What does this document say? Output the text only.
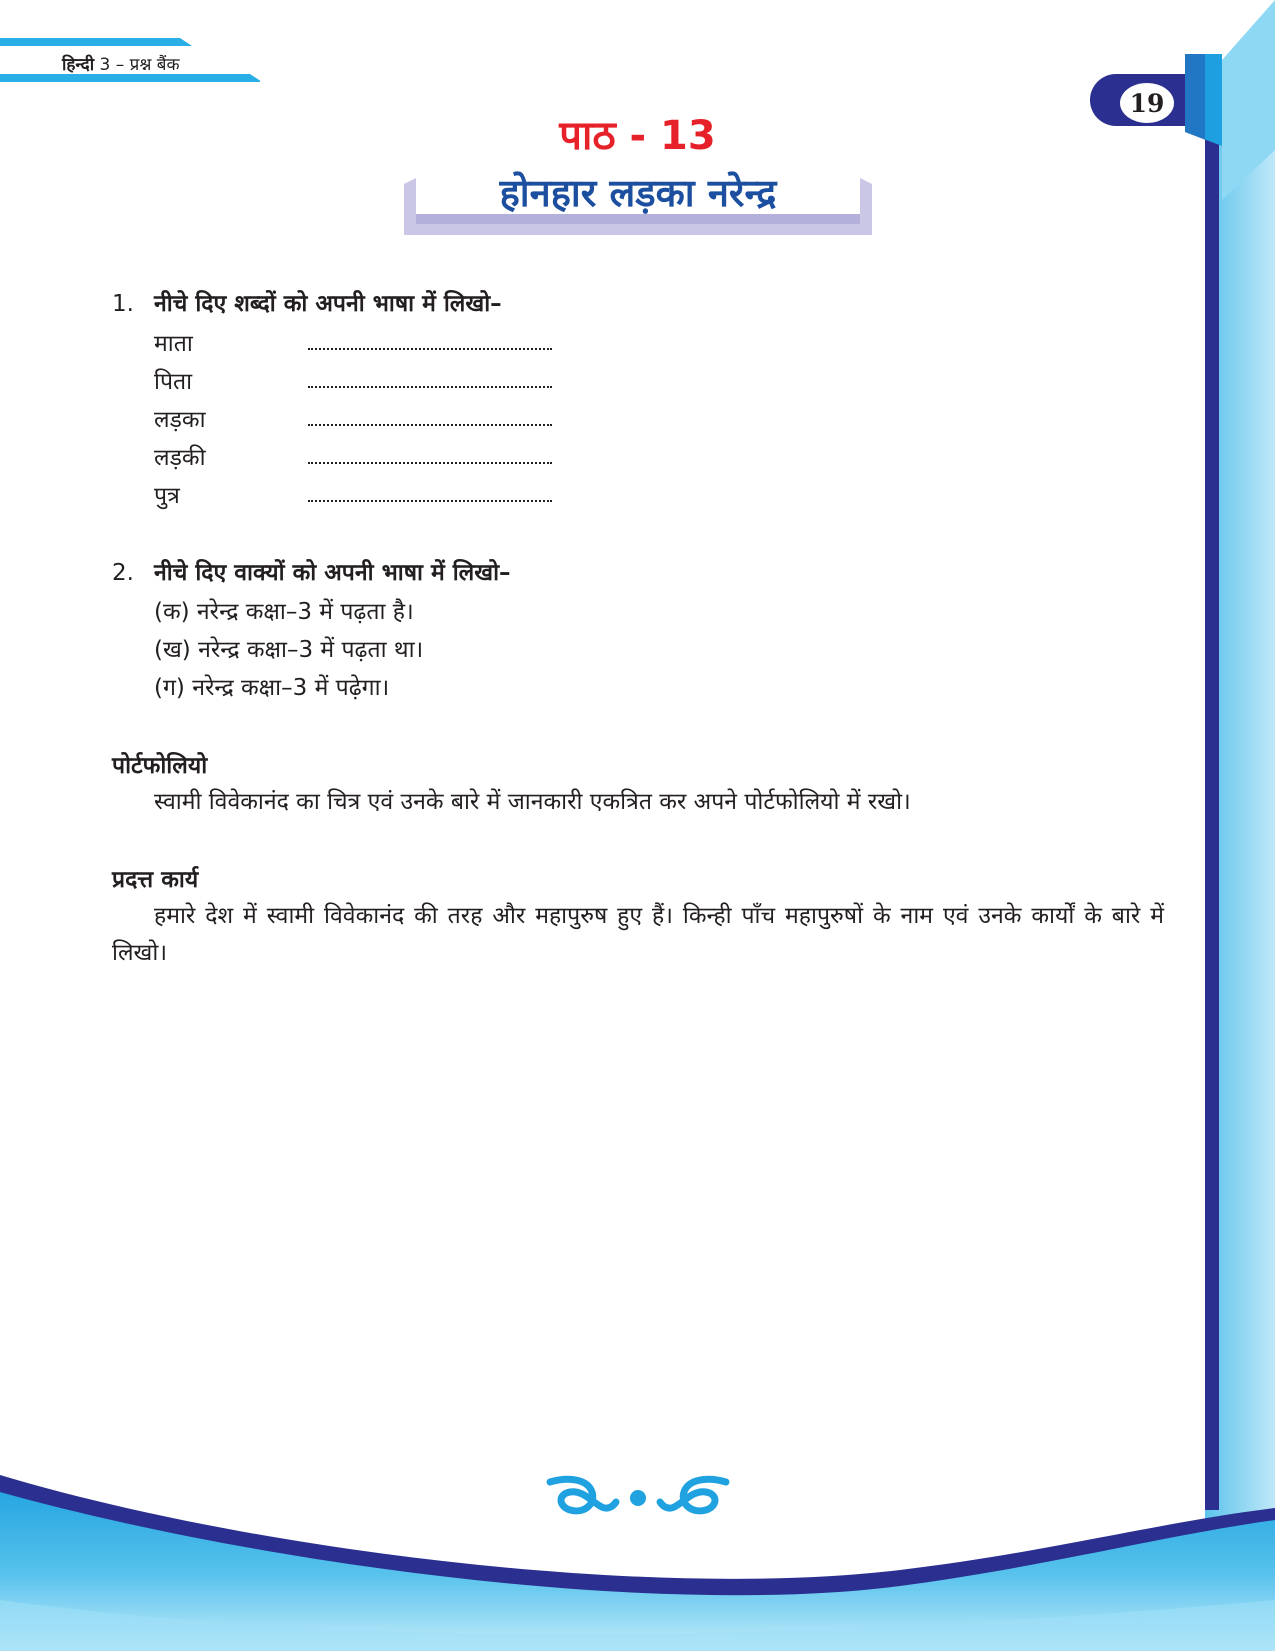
हिन्दी 3 – प्रश्न बैंक
19
पाठ - 13
होनहार लड़का नरेन्द्र
1. नीचे दिए शब्दों को अपनी भाषा में लिखो–
माता
पिता
लड़का
लड़की
पुत्र
2. नीचे दिए वाक्यों को अपनी भाषा में लिखो–
(क) नरेन्द्र कक्षा–3 में पढ़ता है।
(ख) नरेन्द्र कक्षा–3 में पढ़ता था।
(ग) नरेन्द्र कक्षा–3 में पढ़ेगा।
पोर्टफोलियो
स्वामी विवेकानंद का चित्र एवं उनके बारे में जानकारी एकत्रित कर अपने पोर्टफोलियो में रखो।
प्रदत्त कार्य
हमारे देश में स्वामी विवेकानंद की तरह और महापुरुष हुए हैं। किन्ही पाँच महापुरुषों के नाम एवं उनके कार्यों के बारे में लिखो।
